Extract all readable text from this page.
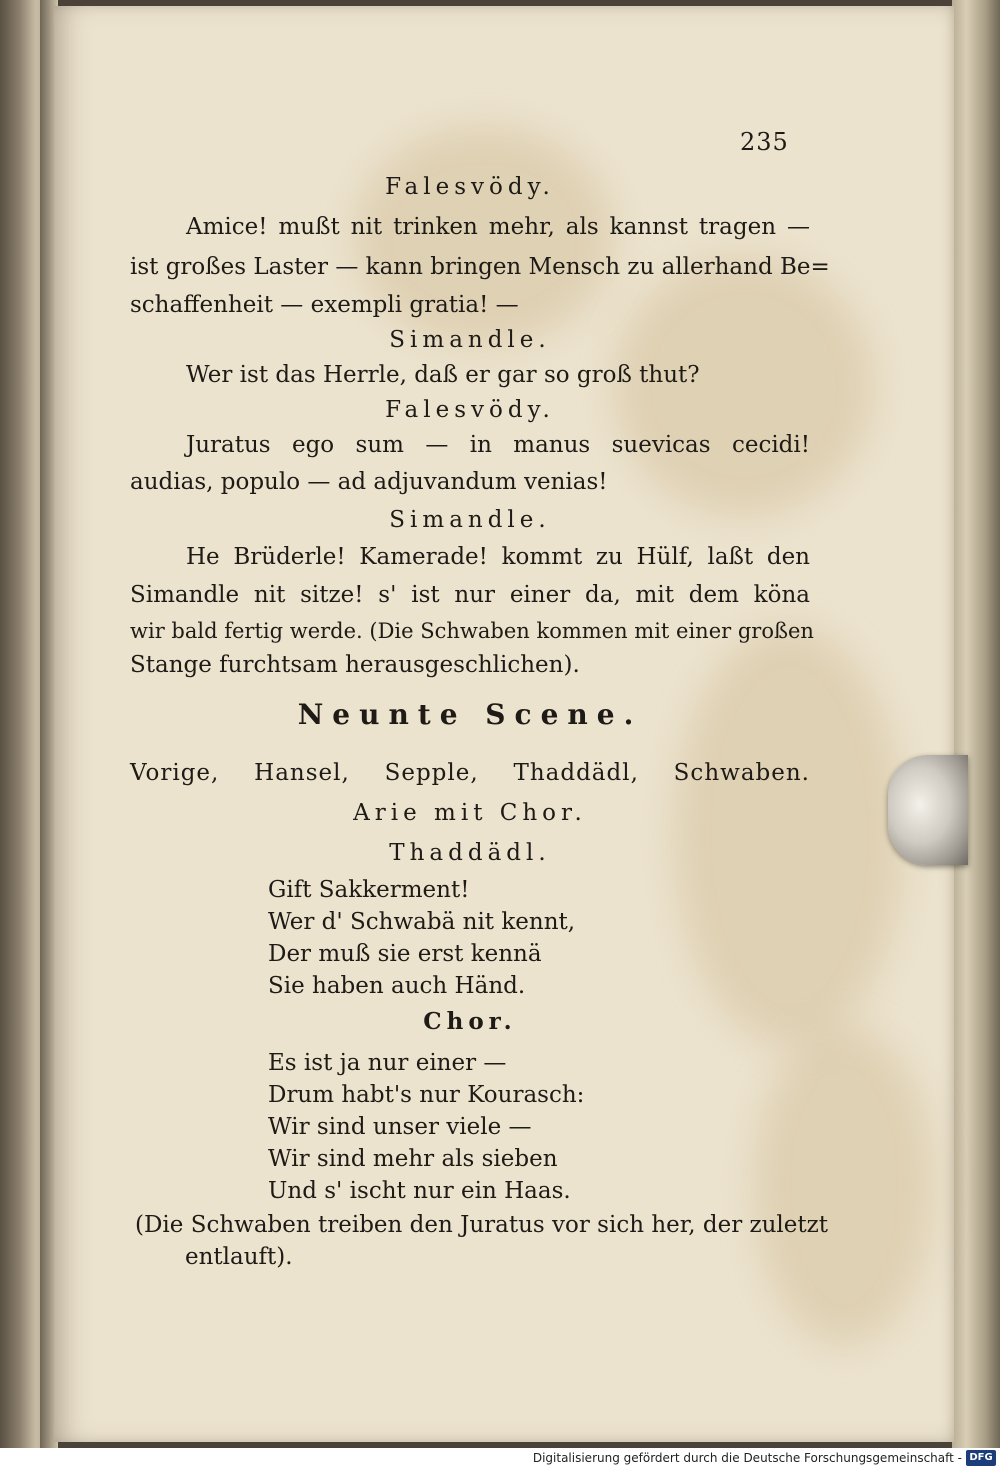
235
Falesvödy.
Amice! mußt nit trinken mehr, als kannst tragen —
ist großes Laster — kann bringen Mensch zu allerhand Be=
schaffenheit — exempli gratia! —
Simandle.
Wer ist das Herrle, daß er gar so groß thut?
Falesvödy.
Juratus ego sum — in manus suevicas cecidi!
audias, populo — ad adjuvandum venias!
Simandle.
He Brüderle! Kamerade! kommt zu Hülf, laßt den
Simandle nit sitze! s' ist nur einer da, mit dem köna
wir bald fertig werde. (Die Schwaben kommen mit einer großen
Stange furchtsam herausgeschlichen).
Neunte Scene.
Vorige, Hansel, Sepple, Thaddädl, Schwaben.
Arie mit Chor.
Thaddädl.
Gift Sakkerment!
Wer d' Schwabä nit kennt,
Der muß sie erst kennä
Sie haben auch Händ.
Chor.
Es ist ja nur einer —
Drum habt's nur Kourasch:
Wir sind unser viele —
Wir sind mehr als sieben
Und s' ischt nur ein Haas.
(Die Schwaben treiben den Juratus vor sich her, der zuletzt
entlauft).
Digitalisierung gefördert durch die Deutsche Forschungsgemeinschaft - DFG
